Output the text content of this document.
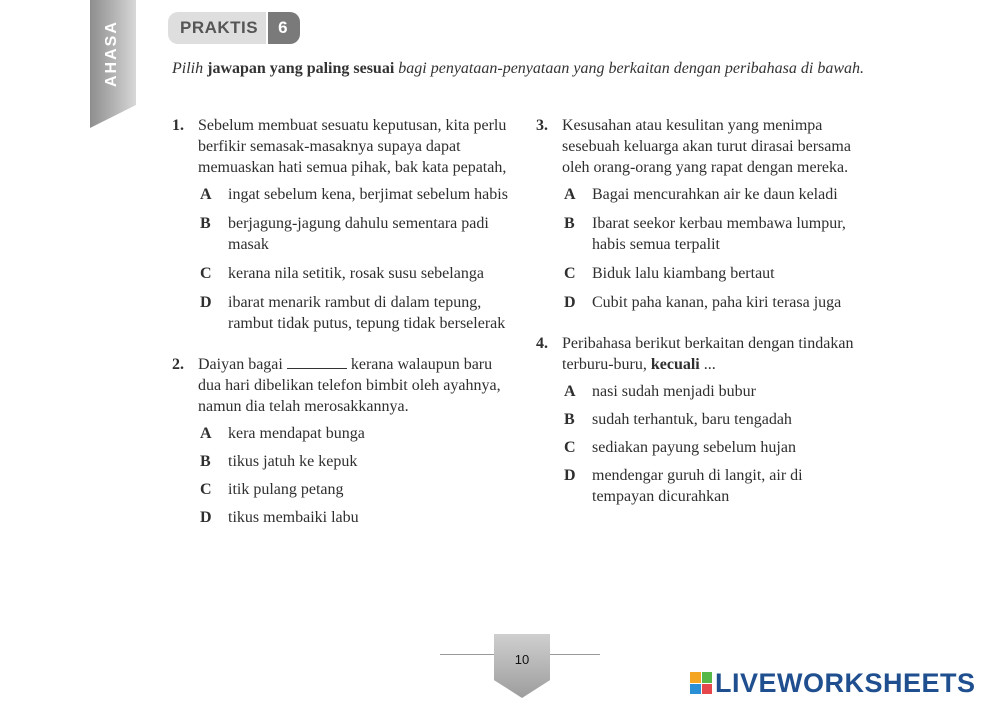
AHASA	PRAKTIS	6
Pilih jawapan yang paling sesuai bagi penyataan-penyataan yang berkaitan dengan peribahasa di bawah.
1. Sebelum membuat sesuatu keputusan, kita perlu berfikir semasak-masaknya supaya dapat memuaskan hati semua pihak, bak kata pepatah,
A	ingat sebelum kena, berjimat sebelum habis
B	berjagung-jagung dahulu sementara padi masak
C	kerana nila setitik, rosak susu sebelanga
D	ibarat menarik rambut di dalam tepung, rambut tidak putus, tepung tidak berselerak
2. Daiyan bagai	kerana walaupun baru dua hari dibelikan telefon bimbit oleh ayahnya, namun dia telah merosakkannya.
A	kera mendapat bunga
B	tikus jatuh ke kepuk
C	itik pulang petang
D	tikus membaiki labu
3. Kesusahan atau kesulitan yang menimpa sesebuah keluarga akan turut dirasai bersama oleh orang-orang yang rapat dengan mereka.
A	Bagai mencurahkan air ke daun keladi
B	Ibarat seekor kerbau membawa lumpur, habis semua terpalit
C	Biduk lalu kiambang bertaut
D	Cubit paha kanan, paha kiri terasa juga
4. Peribahasa berikut berkaitan dengan tindakan terburu-buru, kecuali ...
A	nasi sudah menjadi bubur
B	sudah terhantuk, baru tengadah
C	sediakan payung sebelum hujan
D	mendengar guruh di langit, air di tempayan dicurahkan
10
LIVEWORKSHEETS
